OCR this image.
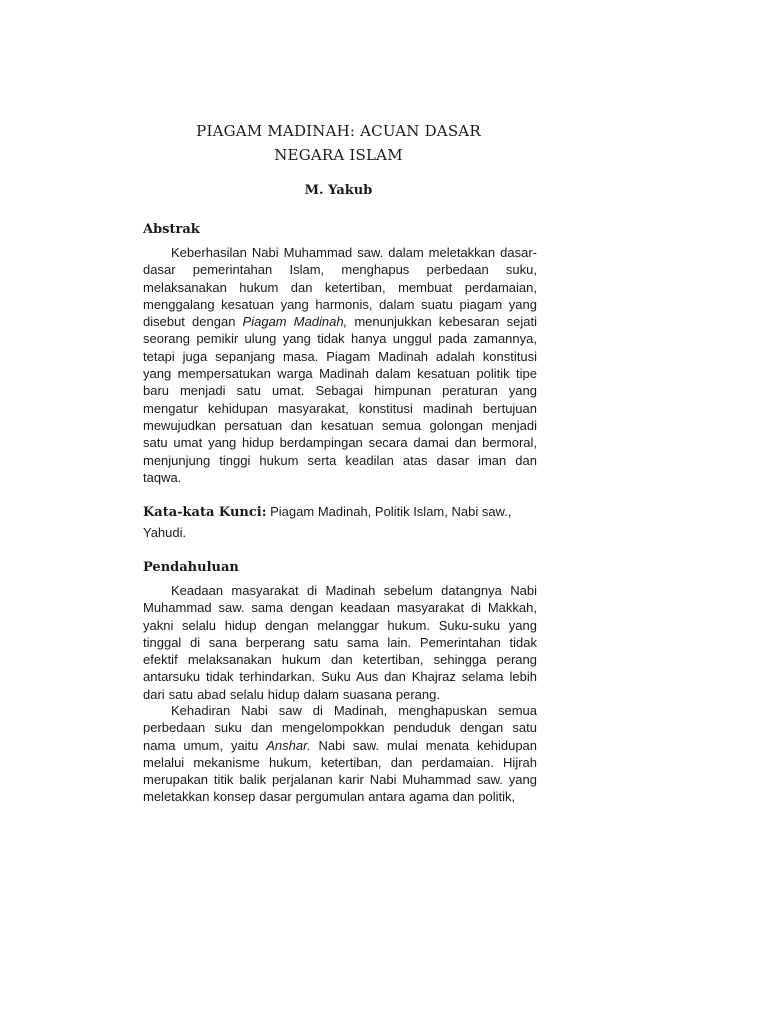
PIAGAM MADINAH: ACUAN DASAR
NEGARA ISLAM
M. Yakub
Abstrak

Keberhasilan Nabi Muhammad saw. dalam meletakkan dasar-dasar pemerintahan Islam, menghapus perbedaan suku, melaksanakan hukum dan ketertiban, membuat perdamaian, menggalang kesatuan yang harmonis, dalam suatu piagam yang disebut dengan Piagam Madinah, menunjukkan kebesaran sejati seorang pemikir ulung yang tidak hanya unggul pada zamannya, tetapi juga sepanjang masa. Piagam Madinah adalah konstitusi yang mempersatukan warga Madinah dalam kesatuan politik tipe baru menjadi satu umat. Sebagai himpunan peraturan yang mengatur kehidupan masyarakat, konstitusi madinah bertujuan mewujudkan persatuan dan kesatuan semua golongan menjadi satu umat yang hidup berdampingan secara damai dan bermoral, menjunjung tinggi hukum serta keadilan atas dasar iman dan taqwa.

Kata-kata Kunci: Piagam Madinah, Politik Islam, Nabi saw., Yahudi.
Pendahuluan

Keadaan masyarakat di Madinah sebelum datangnya Nabi Muhammad saw. sama dengan keadaan masyarakat di Makkah, yakni selalu hidup dengan melanggar hukum. Suku-suku yang tinggal di sana berperang satu sama lain. Pemerintahan tidak efektif melaksanakan hukum dan ketertiban, sehingga perang antarsuku tidak terhindarkan. Suku Aus dan Khajraz selama lebih dari satu abad selalu hidup dalam suasana perang.

Kehadiran Nabi saw di Madinah, menghapuskan semua perbedaan suku dan mengelompokkan penduduk dengan satu nama umum, yaitu Anshar. Nabi saw. mulai menata kehidupan melalui mekanisme hukum, ketertiban, dan perdamaian. Hijrah merupakan titik balik perjalanan karir Nabi Muhammad saw. yang meletakkan konsep dasar pergumulan antara agama dan politik,
